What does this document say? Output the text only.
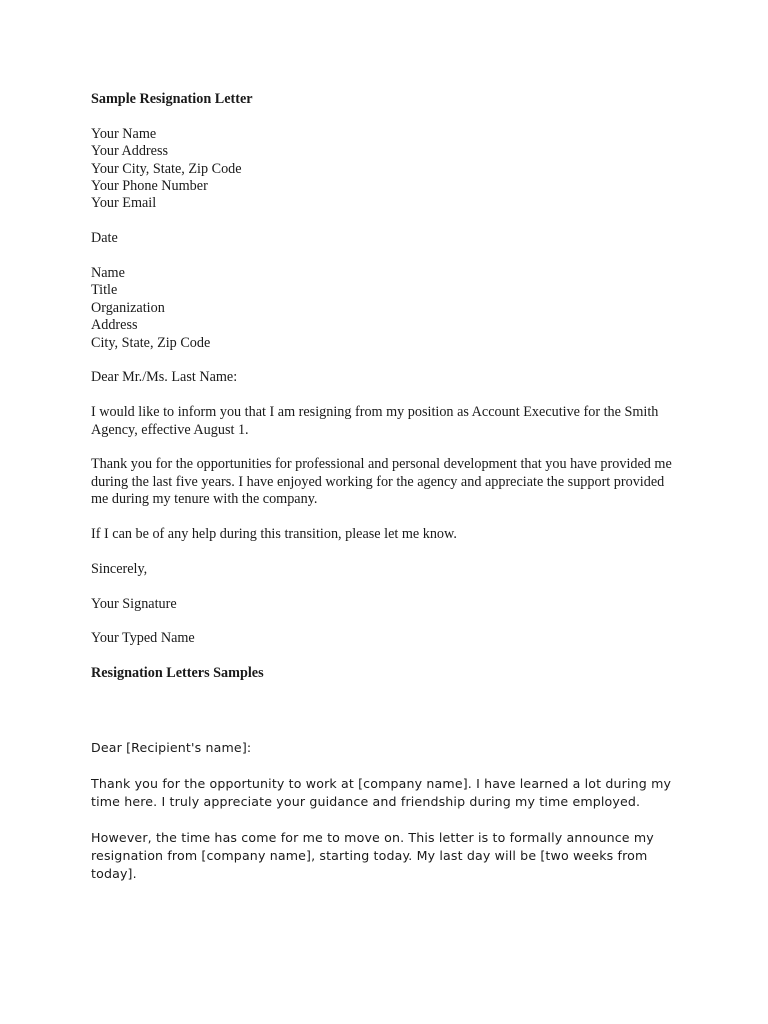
Sample Resignation Letter

Your Name
Your Address
Your City, State, Zip Code
Your Phone Number
Your Email

Date

Name
Title
Organization
Address
City, State, Zip Code

Dear Mr./Ms. Last Name:

I would like to inform you that I am resigning from my position as Account Executive for the Smith Agency, effective August 1.

Thank you for the opportunities for professional and personal development that you have provided me during the last five years. I have enjoyed working for the agency and appreciate the support provided me during my tenure with the company.

If I can be of any help during this transition, please let me know.

Sincerely,

Your Signature

Your Typed Name

Resignation Letters Samples

Dear [Recipient's name]:

Thank you for the opportunity to work at [company name]. I have learned a lot during my time here. I truly appreciate your guidance and friendship during my time employed.

However, the time has come for me to move on. This letter is to formally announce my resignation from [company name], starting today. My last day will be [two weeks from today].
